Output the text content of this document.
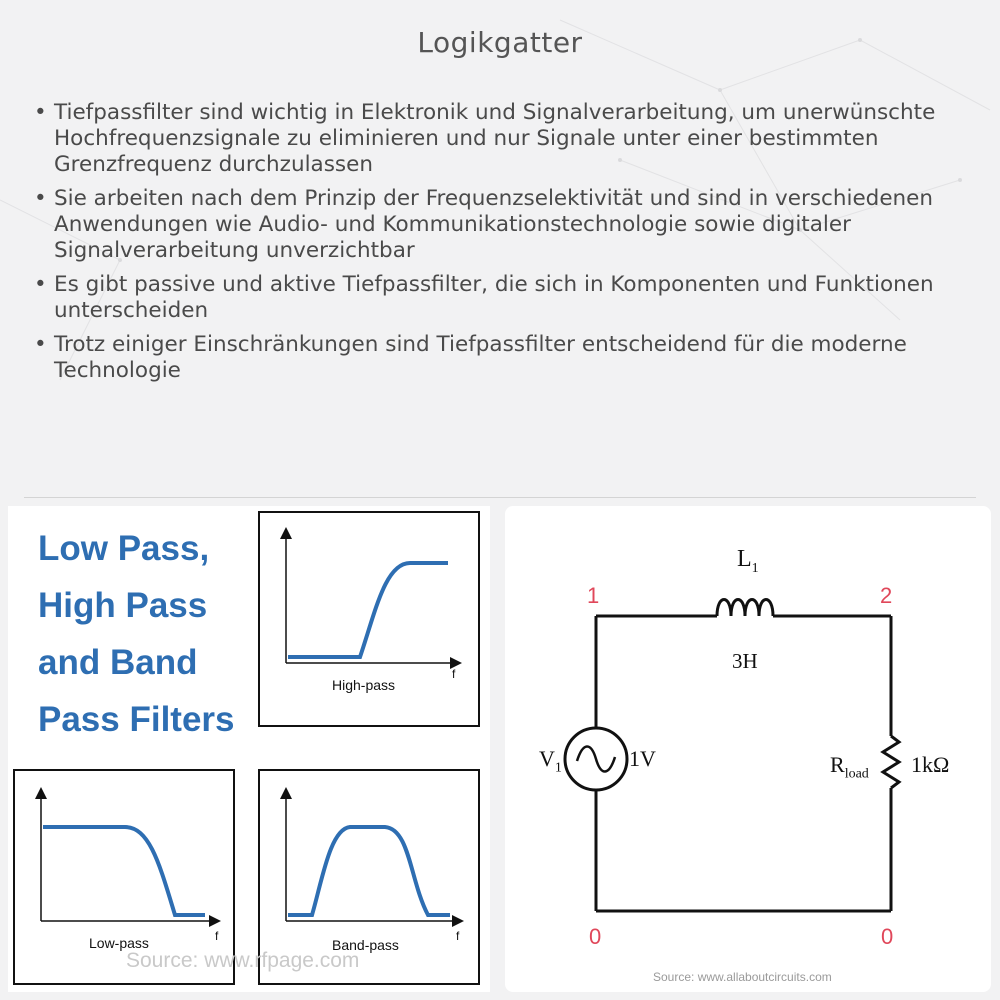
Logikgatter
• Tiefpassfilter sind wichtig in Elektronik und Signalverarbeitung, um unerwünschte Hochfrequenzsignale zu eliminieren und nur Signale unter einer bestimmten Grenzfrequenz durchzulassen
• Sie arbeiten nach dem Prinzip der Frequenzselektivität und sind in verschiedenen Anwendungen wie Audio- und Kommunikationstechnologie sowie digitaler Signalverarbeitung unverzichtbar
• Es gibt passive und aktive Tiefpassfilter, die sich in Komponenten und Funktionen unterscheiden
• Trotz einiger Einschränkungen sind Tiefpassfilter entscheidend für die moderne Technologie
Low Pass,
High Pass
and Band
Pass Filters
High-pass
f
Low-pass	f
Band-pass
f
Source: www.rfpage.com
$L_1$
3H
$V_1$	1V	$R_{load}$ 1kΩ
1	2
0	0
Source: www.allaboutcircuits.com
